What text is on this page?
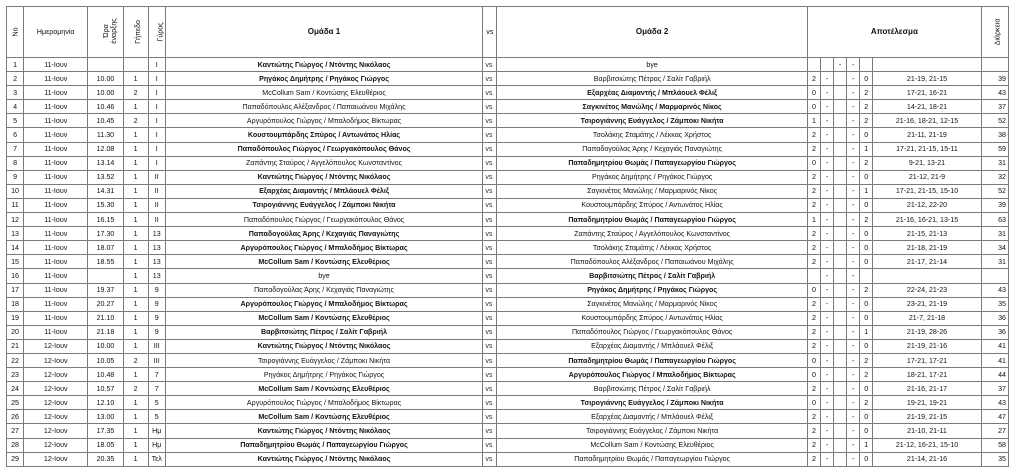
Νο	Ημερομηνία	Ώρα έναρξης	Γήπεδο	Γύρος	Ομάδα 1	vs	Ομάδα 2	Αποτέλεσμα						Διάρκεια
1	11-Ιουν			Ι	Καντιώτης Γιώργος / Ντόντης Νικόλαος	vs	bye			-	-			
2	11-Ιουν	10.00	1	Ι	Ρηγάκος Δημήτρης / Ρηγάκος Γιώργος	vs	Βαρβιτσιώτης Πέτρος / Σαλίτ Γαβριήλ	2	-		-	0	21-19, 21-15	39
3	11-Ιουν	10.00	2	Ι	McCollum Sam / Κοντώσης Ελευθέριος	vs	Εξαρχέας Διαμαντής / Μπλάουελ Φέλιξ	0	-		-	2	17-21, 16-21	43
4	11-Ιουν	10.46	1	Ι	Παπαδόπουλος Αλέξανδρος / Παπαιωάνου Μιχάλης	vs	Σαγκινέτος Μανώλης / Μαρμαρινός Νίκος	0	-		-	2	14-21, 18-21	37
5	11-Ιουν	10.45	2	Ι	Αργυρόπουλος Γιώργος / Μπαλοδήμος Βίκτωρας	vs	Τσιρογιάννης Ευάγγελος / Ζάμποκι Νικήτα	1	-		-	2	21-16, 18-21, 12-15	52
6	11-Ιουν	11.30	1	Ι	Κουστουμπάρδης Σπύρος / Αντωνάτος Ηλίας	vs	Τσολάκης Σταμάτης / Λέκκας Χρήστος	2	-		-	0	21-11, 21-19	38
7	11-Ιουν	12.08	1	Ι	Παπαδόπουλος Γιώργος / Γεωργακόπουλος Θάνος	vs	Παπαδογούλας Άρης / Κεχαγιάς Παναγιώτης	2	-		-	1	17-21, 21-15, 15-11	59
8	11-Ιουν	13.14	1	Ι	Ζαπάντης Σταύρος / Αγγελόπουλος Κωνσταντίνος	vs	Παπαδημητρίου Θωμάς / Παπαγεωργίου Γιώργος	0	-		-	2	9-21, 13-21	31
9	11-Ιουν	13.52	1	ΙΙ	Καντιώτης Γιώργος / Ντόντης Νικόλαος	vs	Ρηγάκος Δημήτρης / Ρηγάκος Γιώργος	2	-		-	0	21-12, 21-9	32
10	11-Ιουν	14.31	1	ΙΙ	Εξαρχέας Διαμαντής / Μπλάουελ Φέλιξ	vs	Σαγκινέτος Μανώλης / Μαρμαρινός Νίκος	2	-		-	1	17-21, 21-15, 15-10	52
11	11-Ιουν	15.30	1	ΙΙ	Τσιρογιάννης Ευάγγελος / Ζάμποκι Νικήτα	vs	Κουστουμπάρδης Σπύρος / Αντωνάτος Ηλίας	2	-		-	0	21-12, 22-20	39
12	11-Ιουν	16.15	1	ΙΙ	Παπαδόπουλος Γιώργος / Γεωργακόπουλος Θάνος	vs	Παπαδημητρίου Θωμάς / Παπαγεωργίου Γιώργος	1	-		-	2	21-16, 16-21, 13-15	63
13	11-Ιουν	17.30	1	13	Παπαδογούλας Άρης / Κεχαγιάς Παναγιώτης	vs	Ζαπάντης Σταύρος / Αγγελόπουλος Κωνσταντίνος	2	-		-	0	21-15, 21-13	31
14	11-Ιουν	18.07	1	13	Αργυρόπουλος Γιώργος / Μπαλοδήμος Βίκτωρας	vs	Τσολάκης Σταμάτης / Λέκκας Χρήστος	2	-		-	0	21-18, 21-19	34
15	11-Ιουν	18.55	1	13	McCollum Sam / Κοντώσης Ελευθέριος	vs	Παπαδόπουλος Αλέξανδρος / Παπαιωάνου Μιχάλης	2	-		-	0	21-17, 21-14	31
16	11-Ιουν		1	13	bye	vs	Βαρβιτσιώτης Πέτρος / Σαλίτ Γαβριήλ		-		-			
17	11-Ιουν	19.37	1	9	Παπαδογούλας Άρης / Κεχαγιάς Παναγιώτης	vs	Ρηγάκος Δημήτρης / Ρηγάκος Γιώργος	0	-		-	2	22-24, 21-23	43
18	11-Ιουν	20.27	1	9	Αργυρόπουλος Γιώργος / Μπαλοδήμος Βίκτωρας	vs	Σαγκινέτος Μανώλης / Μαρμαρινός Νίκος	2	-		-	0	23-21, 21-19	35
19	11-Ιουν	21.10	1	9	McCollum Sam / Κοντώσης Ελευθέριος	vs	Κουστουμπάρδης Σπύρος / Αντωνάτος Ηλίας	2	-		-	0	21-7, 21-18	36
20	11-Ιουν	21.18	1	9	Βαρβιτσιώτης Πέτρος / Σαλίτ Γαβριήλ	vs	Παπαδόπουλος Γιώργος / Γεωργακόπουλος Θάνος	2	-		-	1	21-19, 28-26	36
21	12-Ιουν	10.00	1	ΙΙΙ	Καντιώτης Γιώργος / Ντόντης Νικόλαος	vs	Εξαρχέας Διαμαντής / Μπλάουελ Φέλιξ	2	-		-	0	21-19, 21-16	41
22	12-Ιουν	10.05	2	ΙΙΙ	Τσιρογιάννης Ευάγγελος / Ζάμποκι Νικήτα	vs	Παπαδημητρίου Θωμάς / Παπαγεωργίου Γιώργος	0	-		-	2	17-21, 17-21	41
23	12-Ιουν	10.48	1	7	Ρηγάκος Δημήτρης / Ρηγάκος Γιώργος	vs	Αργυρόπουλος Γιώργος / Μπαλοδήμος Βίκτωρας	0	-		-	2	18-21, 17-21	44
24	12-Ιουν	10.57	2	7	McCollum Sam / Κοντώσης Ελευθέριος	vs	Βαρβιτσιώτης Πέτρος / Σαλίτ Γαβριήλ	2	-		-	0	21-16, 21-17	37
25	12-Ιουν	12.10	1	5	Αργυρόπουλος Γιώργος / Μπαλοδήμος Βίκτωρας	vs	Τσιρογιάννης Ευάγγελος / Ζάμποκι Νικήτα	0	-		-	2	19-21, 19-21	43
26	12-Ιουν	13.00	1	5	McCollum Sam / Κοντώσης Ελευθέριος	vs	Εξαρχέας Διαμαντής / Μπλάουελ Φέλιξ	2	-		-	0	21-19, 21-15	47
27	12-Ιουν	17.35	1	Ημ	Καντιώτης Γιώργος / Ντόντης Νικόλαος	vs	Τσιρογιάννης Ευάγγελος / Ζάμποκι Νικήτα	2	-		-	0	21-10, 21-11	27
28	12-Ιουν	18.05	1	Ημ	Παπαδημητρίου Θωμάς / Παπαγεωργίου Γιώργος	vs	McCollum Sam / Κοντώσης Ελευθέριος	2	-		-	1	21-12, 16-21, 15-10	58
29	12-Ιουν	20.35	1	Τελ	Καντιώτης Γιώργος / Ντόντης Νικόλαος	vs	Παπαδημητρίου Θωμάς / Παπαγεωργίου Γιώργος	2	-		-	0	21-14, 21-16	35
